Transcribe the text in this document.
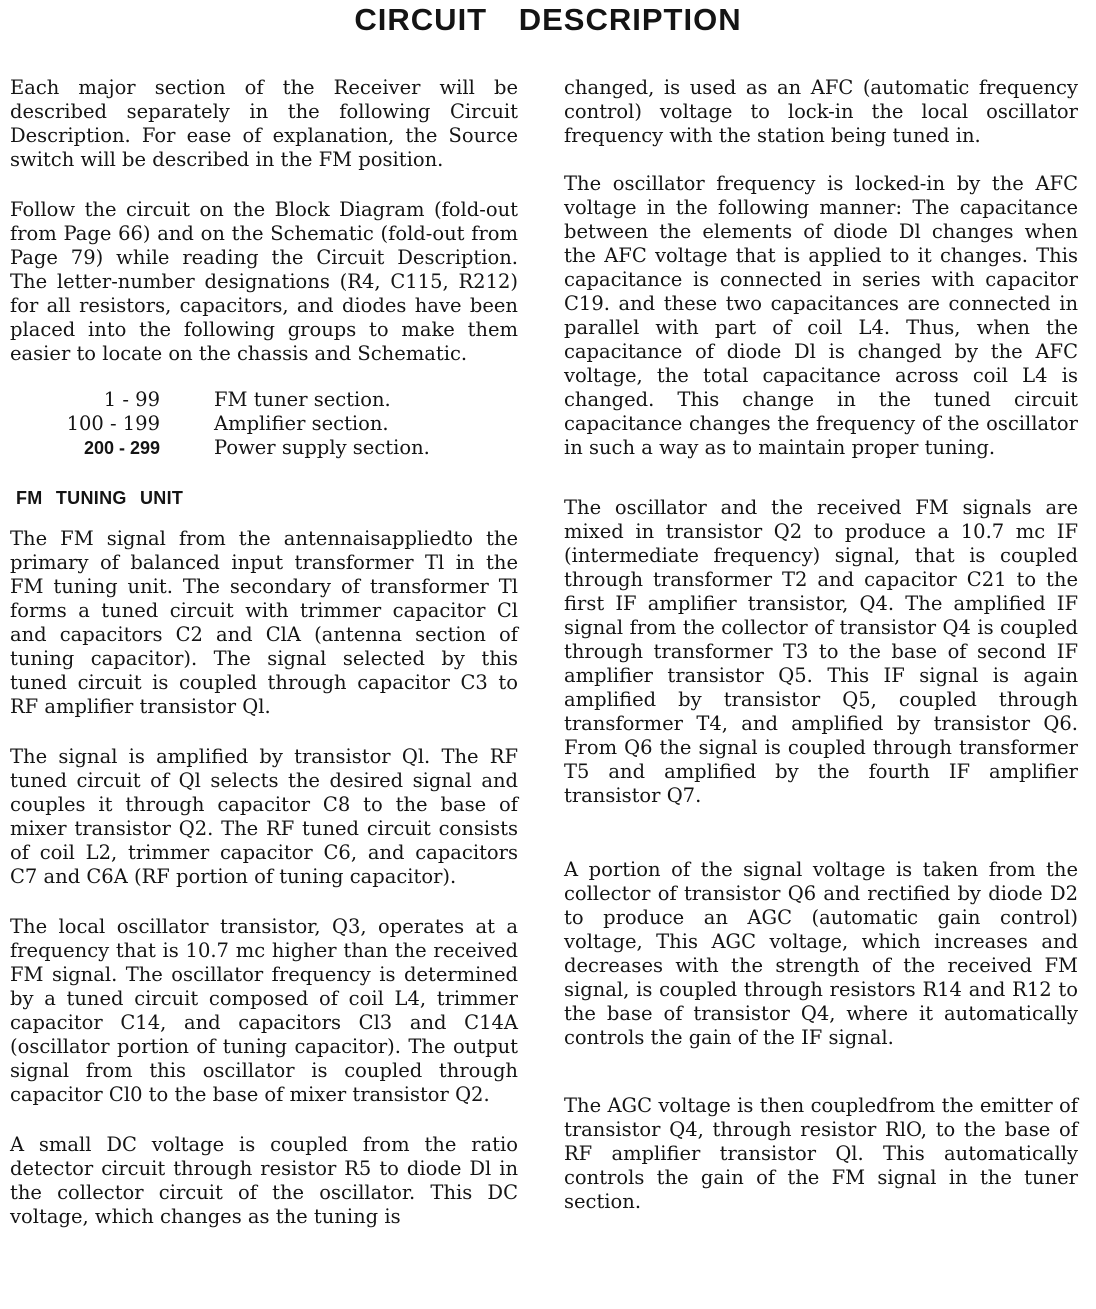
CIRCUIT DESCRIPTION

Each major section of the Receiver will be described separately in the following Circuit Description. For ease of explanation, the Source switch will be described in the FM position.

Follow the circuit on the Block Diagram (fold-out from Page 66) and on the Schematic (fold-out from Page 79) while reading the Circuit Description. The letter-number designations (R4, C115, R212) for all resistors, capacitors, and diodes have been placed into the following groups to make them easier to locate on the chassis and Schematic.

1 - 99	FM tuner section.
100 - 199	Amplifier section.
200 - 299	Power supply section.
FM TUNING UNIT

The FM signal from the antennaisappliedto the primary of balanced input transformer Tl in the FM tuning unit. The secondary of transformer Tl forms a tuned circuit with trimmer capacitor Cl and capacitors C2 and ClA (antenna section of tuning capacitor). The signal selected by this tuned circuit is coupled through capacitor C3 to RF amplifier transistor Ql.

The signal is amplified by transistor Ql. The RF tuned circuit of Ql selects the desired signal and couples it through capacitor C8 to the base of mixer transistor Q2. The RF tuned circuit consists of coil L2, trimmer capacitor C6, and capacitors C7 and C6A (RF portion of tuning capacitor).

The local oscillator transistor, Q3, operates at a frequency that is 10.7 mc higher than the received FM signal. The oscillator frequency is determined by a tuned circuit composed of coil L4, trimmer capacitor C14, and capacitors Cl3 and C14A (oscillator portion of tuning capacitor). The output signal from this oscillator is coupled through capacitor Cl0 to the base of mixer transistor Q2.

A small DC voltage is coupled from the ratio detector circuit through resistor R5 to diode Dl in the collector circuit of the oscillator. This DC voltage, which changes as the tuning is

changed, is used as an AFC (automatic frequency control) voltage to lock-in the local oscillator frequency with the station being tuned in.

The oscillator frequency is locked-in by the AFC voltage in the following manner: The capacitance between the elements of diode Dl changes when the AFC voltage that is applied to it changes. This capacitance is connected in series with capacitor C19. and these two capacitances are connected in parallel with part of coil L4. Thus, when the capacitance of diode Dl is changed by the AFC voltage, the total capacitance across coil L4 is changed. This change in the tuned circuit capacitance changes the frequency of the oscillator in such a way as to maintain proper tuning.

The oscillator and the received FM signals are mixed in transistor Q2 to produce a 10.7 mc IF (intermediate frequency) signal, that is coupled through transformer T2 and capacitor C21 to the first IF amplifier transistor, Q4. The amplified IF signal from the collector of transistor Q4 is coupled through transformer T3 to the base of second IF amplifier transistor Q5. This IF signal is again amplified by transistor Q5, coupled through transformer T4, and amplified by transistor Q6. From Q6 the signal is coupled through transformer T5 and amplified by the fourth IF amplifier transistor Q7.

A portion of the signal voltage is taken from the collector of transistor Q6 and rectified by diode D2 to produce an AGC (automatic gain control) voltage, This AGC voltage, which increases and decreases with the strength of the received FM signal, is coupled through resistors R14 and R12 to the base of transistor Q4, where it automatically controls the gain of the IF signal.

The AGC voltage is then coupledfrom the emitter of transistor Q4, through resistor RlO, to the base of RF amplifier transistor Ql. This automatically controls the gain of the FM signal in the tuner section.
